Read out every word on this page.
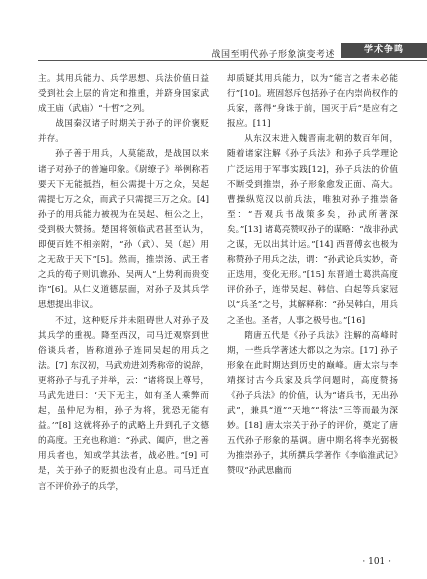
战国至明代孙子形象演变考述	学术争鸣

主。其用兵能力、兵学思想、兵法价值日益受到社会上层的肯定和推重，并跻身国家武成王庙（武庙）“十哲”之列。

战国秦汉诸子时期关于孙子的评价褒贬并存。

孙子善于用兵，人莫能敌，是战国以来诸子对孙子的普遍印象。《尉缭子》举例称若要天下无能抵挡，桓公需提十万之众，吴起需提七万之众，而武子只需提三万之众。[4] 孙子的用兵能力被视为在吴起、桓公之上，受到极大赞扬。楚国将领临武君甚至认为，即便百姓不相亲附，“孙（武）、吴（起）用之无敌于天下”[5]。然而，推崇汤、武王者之兵的荀子则讥谯孙、吴两人“上势利而贵变诈”[6]。从仁义道德层面，对孙子及其兵学思想提出非议。

不过，这种贬斥并未阻碍世人对孙子及其兵学的重视。降至西汉，司马迁观察到世俗谈兵者，皆称道孙子连同吴起的用兵之法。[7] 东汉初，马武劝进刘秀称帝的说辞，更将孙子与孔子并举，云：“诸将误上尊号，马武先进曰：‘天下无主，如有圣人乘弊而起，虽仲尼为相，孙子为将，犹恐无能有益。’”[8] 这就将孙子的武略上升到孔子文德的高度。王充也称道：“孙武、阖庐，世之善用兵者也，知或学其法者，战必胜。”[9] 可是，关于孙子的贬损也没有止息。司马迁直言不评价孙子的兵学，

却质疑其用兵能力，以为“能言之者未必能行”[10]。班固怒斥包括孙子在内崇尚权作的兵家，落得“身诛于前，国灭于后”是应有之报应。[11]

从东汉末进入魏晋南北朝的数百年间，随着诸家注解《孙子兵法》和孙子兵学理论广泛运用于军事实践[12]，孙子兵法的价值不断受到推崇，孙子形象愈发正面、高大。曹操纵览汉以前兵法，唯独对孙子推崇备至：“吾观兵书战策多矣，孙武所著深矣。”[13] 诸葛亮赞叹孙子的谋略：“战非孙武之谋，无以出其计运。”[14] 西晋傅玄也极为称赞孙子用兵之法，谓：“孙武论兵实妙，奇正迭用，变化无形。”[15] 东晋道士葛洪高度评价孙子，连带吴起、韩信、白起等兵家冠以“兵圣”之号，其解释称：“孙吴韩白，用兵之圣也。圣者，人事之极号也。”[16]

隋唐五代是《孙子兵法》注解的高峰时期，一些兵学著述大都以之为宗。[17] 孙子形象在此时期达到历史的巅峰。唐太宗与李靖探讨古今兵家及兵学问题时，高度赞扬《孙子兵法》的价值，认为“诸兵书，无出孙武”，兼具“道”“天地”“将法”三等而最为深妙。[18] 唐太宗关于孙子的评价，奠定了唐五代孙子形象的基调。唐中期名将李光弼极为推崇孙子，其所撰兵学著作《李临淮武记》赞叹“孙武思幽而

· 101 ·
